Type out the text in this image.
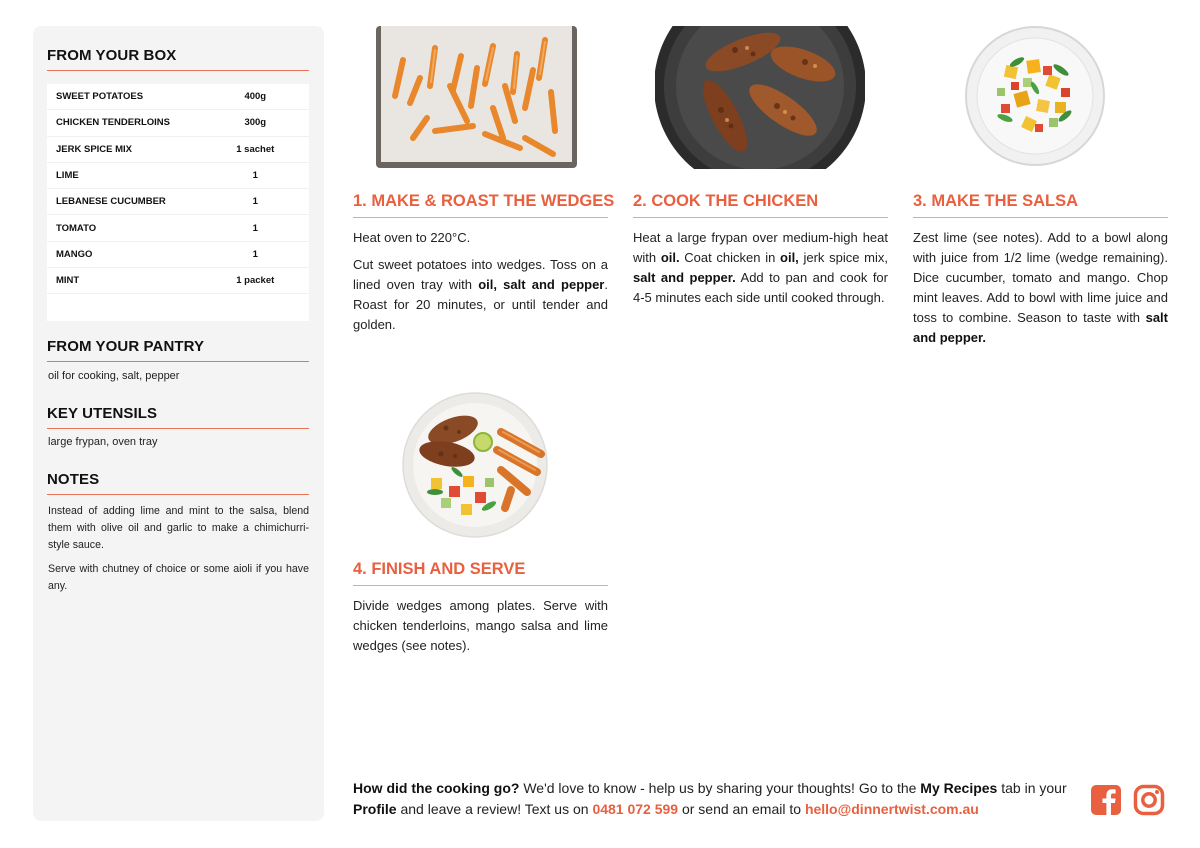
FROM YOUR BOX
SWEET POTATOES	400g
CHICKEN TENDERLOINS	300g
JERK SPICE MIX	1 sachet
LIME	1
LEBANESE CUCUMBER	1
TOMATO	1
MANGO	1
MINT	1 packet
FROM YOUR PANTRY
oil for cooking, salt, pepper
KEY UTENSILS
large frypan, oven tray
NOTES

Instead of adding lime and mint to the salsa, blend them with olive oil and garlic to make a chimichurri-style sauce.

Serve with chutney of choice or some aioli if you have any.

1. MAKE & ROAST THE WEDGES

Heat oven to 220°C.

Cut sweet potatoes into wedges. Toss on a lined oven tray with oil, salt and pepper. Roast for 20 minutes, or until tender and golden.

2. COOK THE CHICKEN

Heat a large frypan over medium-high heat with oil. Coat chicken in oil, jerk spice mix, salt and pepper. Add to pan and cook for 4-5 minutes each side until cooked through.

3. MAKE THE SALSA

Zest lime (see notes). Add to a bowl along with juice from 1/2 lime (wedge remaining). Dice cucumber, tomato and mango. Chop mint leaves. Add to bowl with lime juice and toss to combine. Season to taste with salt and pepper.

4. FINISH AND SERVE

Divide wedges among plates. Serve with chicken tenderloins, mango salsa and lime wedges (see notes).

How did the cooking go? We'd love to know - help us by sharing your thoughts! Go to the My Recipes tab in your Profile and leave a review! Text us on 0481 072 599 or send an email to hello@dinnertwist.com.au
